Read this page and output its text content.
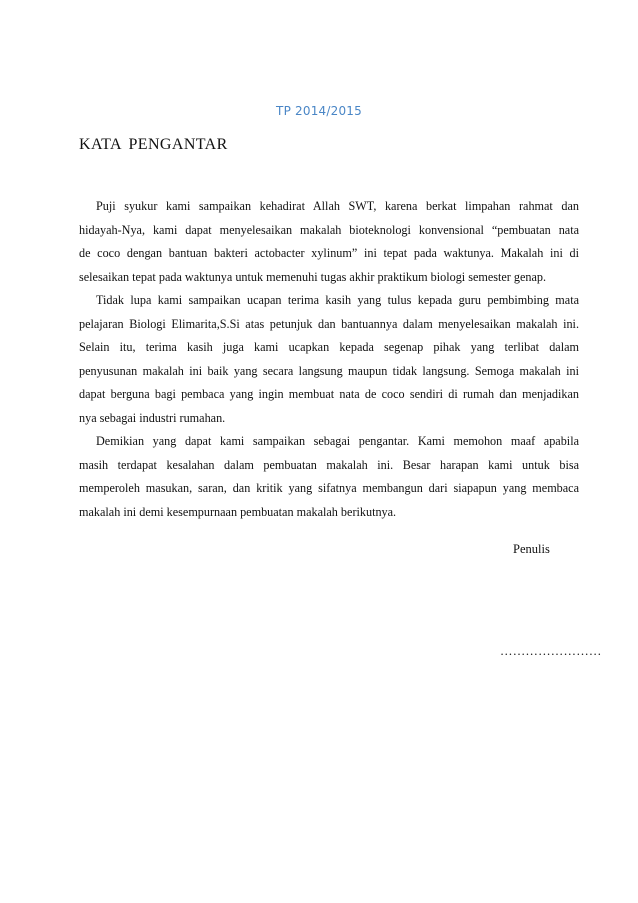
TP 2014/2015
KATA PENGANTAR
Puji syukur kami sampaikan kehadirat Allah SWT, karena berkat limpahan rahmat dan
hidayah-Nya, kami dapat menyelesaikan makalah bioteknologi konvensional “pembuatan nata
de coco dengan bantuan bakteri actobacter xylinum” ini tepat pada waktunya. Makalah ini di
selesaikan tepat pada waktunya untuk memenuhi tugas akhir praktikum biologi semester genap.
Tidak lupa kami sampaikan ucapan terima kasih yang tulus kepada guru pembimbing mata
pelajaran Biologi Elimarita,S.Si atas petunjuk dan bantuannya dalam menyelesaikan makalah ini.
Selain itu, terima kasih juga kami ucapkan kepada segenap pihak yang terlibat dalam
penyusunan makalah ini baik yang secara langsung maupun tidak langsung. Semoga makalah ini
dapat berguna bagi pembaca yang ingin membuat nata de coco sendiri di rumah dan menjadikan
nya sebagai industri rumahan.
Demikian yang dapat kami sampaikan sebagai pengantar. Kami memohon maaf apabila
masih terdapat kesalahan dalam pembuatan makalah ini. Besar harapan kami untuk bisa
memperoleh masukan, saran, dan kritik yang sifatnya membangun dari siapapun yang membaca
makalah ini demi kesempurnaan pembuatan makalah berikutnya.
Penulis
……………………
